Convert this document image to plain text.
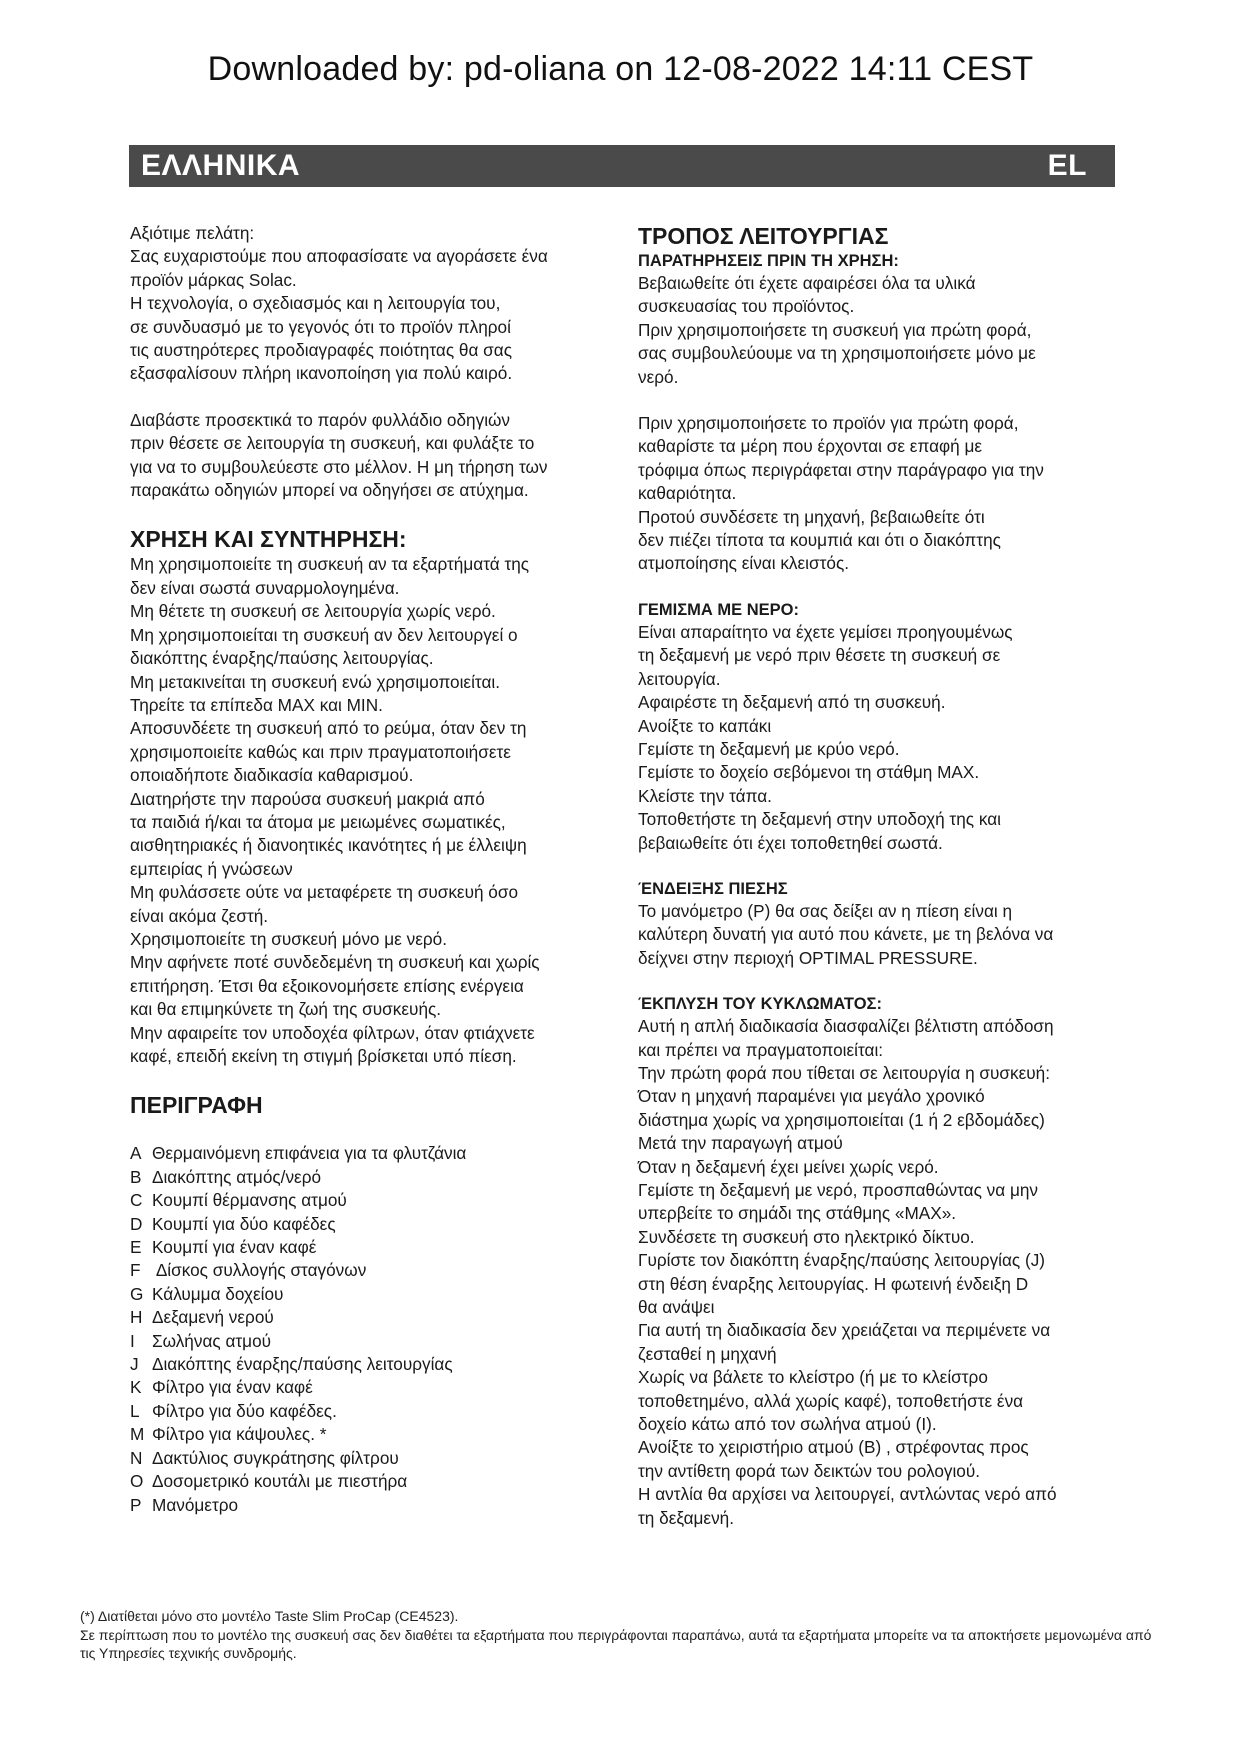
Downloaded by: pd-oliana on 12-08-2022 14:11 CEST
ΕΛΛΗΝΙΚΑ	EL

Αξιότιμε πελάτη:

Σας ευχαριστούμε που αποφασίσατε να αγοράσετε ένα

προϊόν μάρκας Solac.

Η τεχνολογία, ο σχεδιασμός και η λειτουργία του,

σε συνδυασμό με το γεγονός ότι το προϊόν πληροί

τις αυστηρότερες προδιαγραφές ποιότητας θα σας

εξασφαλίσουν πλήρη ικανοποίηση για πολύ καιρό.

Διαβάστε προσεκτικά το παρόν φυλλάδιο οδηγιών

πριν θέσετε σε λειτουργία τη συσκευή, και φυλάξτε το

για να το συμβουλεύεστε στο μέλλον. Η μη τήρηση των

παρακάτω οδηγιών μπορεί να οδηγήσει σε ατύχημα.

ΧΡΗΣΗ ΚΑΙ ΣΥΝΤΗΡΗΣΗ:

Μη χρησιμοποιείτε τη συσκευή αν τα εξαρτήματά της

δεν είναι σωστά συναρμολογημένα.

Μη θέτετε τη συσκευή σε λειτουργία χωρίς νερό.

Μη χρησιμοποιείται τη συσκευή αν δεν λειτουργεί ο

διακόπτης έναρξης/παύσης λειτουργίας.

Μη μετακινείται τη συσκευή ενώ χρησιμοποιείται.

Τηρείτε τα επίπεδα MAX και MIN.

Αποσυνδέετε τη συσκευή από το ρεύμα, όταν δεν τη

χρησιμοποιείτε καθώς και πριν πραγματοποιήσετε

οποιαδήποτε διαδικασία καθαρισμού.

Διατηρήστε την παρούσα συσκευή μακριά από

τα παιδιά ή/και τα άτομα με μειωμένες σωματικές,

αισθητηριακές ή διανοητικές ικανότητες ή με έλλειψη

εμπειρίας ή γνώσεων

Μη φυλάσσετε ούτε να μεταφέρετε τη συσκευή όσο

είναι ακόμα ζεστή.

Χρησιμοποιείτε τη συσκευή μόνο με νερό.

Μην αφήνετε ποτέ συνδεδεμένη τη συσκευή και χωρίς

επιτήρηση. Έτσι θα εξοικονομήσετε επίσης ενέργεια

και θα επιμηκύνετε τη ζωή της συσκευής.

Μην αφαιρείτε τον υποδοχέα φίλτρων, όταν φτιάχνετε

καφέ, επειδή εκείνη τη στιγμή βρίσκεται υπό πίεση.

ΠΕΡΙΓΡΑΦΗ

A Θερμαινόμενη επιφάνεια για τα φλυτζάνια
B Διακόπτης ατμός/νερό
C Κουμπί θέρμανσης ατμού
D Κουμπί για δύο καφέδες
E Κουμπί για έναν καφέ
F Δίσκος συλλογής σταγόνων
G Κάλυμμα δοχείου
H Δεξαμενή νερού
I Σωλήνας ατμού
J Διακόπτης έναρξης/παύσης λειτουργίας
K Φίλτρο για έναν καφέ
L Φίλτρο για δύο καφέδες.
M Φίλτρο για κάψουλες. *
N Δακτύλιος συγκράτησης φίλτρου
O Δοσομετρικό κουτάλι με πιεστήρα
P Μανόμετρο

ΤΡΟΠΟΣ ΛΕΙΤΟΥΡΓΙΑΣ

ΠΑΡΑΤΗΡΗΣΕΙΣ ΠΡΙΝ ΤΗ ΧΡΗΣΗ:

Βεβαιωθείτε ότι έχετε αφαιρέσει όλα τα υλικά

συσκευασίας του προϊόντος.

Πριν χρησιμοποιήσετε τη συσκευή για πρώτη φορά,

σας συμβουλεύουμε να τη χρησιμοποιήσετε μόνο με

νερό.

Πριν χρησιμοποιήσετε το προϊόν για πρώτη φορά,

καθαρίστε τα μέρη που έρχονται σε επαφή με

τρόφιμα όπως περιγράφεται στην παράγραφο για την

καθαριότητα.

Προτού συνδέσετε τη μηχανή, βεβαιωθείτε ότι

δεν πιέζει τίποτα τα κουμπιά και ότι ο διακόπτης

ατμοποίησης είναι κλειστός.

ΓΕΜΙΣΜΑ ΜΕ ΝΕΡΟ:

Είναι απαραίτητο να έχετε γεμίσει προηγουμένως

τη δεξαμενή με νερό πριν θέσετε τη συσκευή σε

λειτουργία.

Αφαιρέστε τη δεξαμενή από τη συσκευή.

Ανοίξτε το καπάκι

Γεμίστε τη δεξαμενή με κρύο νερό.

Γεμίστε το δοχείο σεβόμενοι τη στάθμη MAX.

Κλείστε την τάπα.

Τοποθετήστε τη δεξαμενή στην υποδοχή της και

βεβαιωθείτε ότι έχει τοποθετηθεί σωστά.

ΈΝΔΕΙΞΗΣ ΠΙΕΣΗΣ

Το μανόμετρο (P) θα σας δείξει αν η πίεση είναι η

καλύτερη δυνατή για αυτό που κάνετε, με τη βελόνα να

δείχνει στην περιοχή OPTIMAL PRESSURE.

ΈΚΠΛΥΣΗ ΤΟΥ ΚΥΚΛΩΜΑΤΟΣ:

Αυτή η απλή διαδικασία διασφαλίζει βέλτιστη απόδοση

και πρέπει να πραγματοποιείται:

Την πρώτη φορά που τίθεται σε λειτουργία η συσκευή:

Όταν η μηχανή παραμένει για μεγάλο χρονικό

διάστημα χωρίς να χρησιμοποιείται (1 ή 2 εβδομάδες)

Μετά την παραγωγή ατμού

Όταν η δεξαμενή έχει μείνει χωρίς νερό.

Γεμίστε τη δεξαμενή με νερό, προσπαθώντας να μην

υπερβείτε το σημάδι της στάθμης «MAX».

Συνδέσετε τη συσκευή στο ηλεκτρικό δίκτυο.

Γυρίστε τον διακόπτη έναρξης/παύσης λειτουργίας (J)

στη θέση έναρξης λειτουργίας. Η φωτεινή ένδειξη D

θα ανάψει

Για αυτή τη διαδικασία δεν χρειάζεται να περιμένετε να

ζεσταθεί η μηχανή

Χωρίς να βάλετε το κλείστρο (ή με το κλείστρο

τοποθετημένο, αλλά χωρίς καφέ), τοποθετήστε ένα

δοχείο κάτω από τον σωλήνα ατμού (I).

Ανοίξτε το χειριστήριο ατμού (B) , στρέφοντας προς

την αντίθετη φορά των δεικτών του ρολογιού.

Η αντλία θα αρχίσει να λειτουργεί, αντλώντας νερό από

τη δεξαμενή.

(*) Διατίθεται μόνο στο μοντέλο Taste Slim ProCap (CE4523).

Σε περίπτωση που το μοντέλο της συσκευή σας δεν διαθέτει τα εξαρτήματα που περιγράφονται παραπάνω, αυτά τα εξαρτήματα μπορείτε να τα αποκτήσετε μεμονωμένα από τις Υπηρεσίες τεχνικής συνδρομής.
